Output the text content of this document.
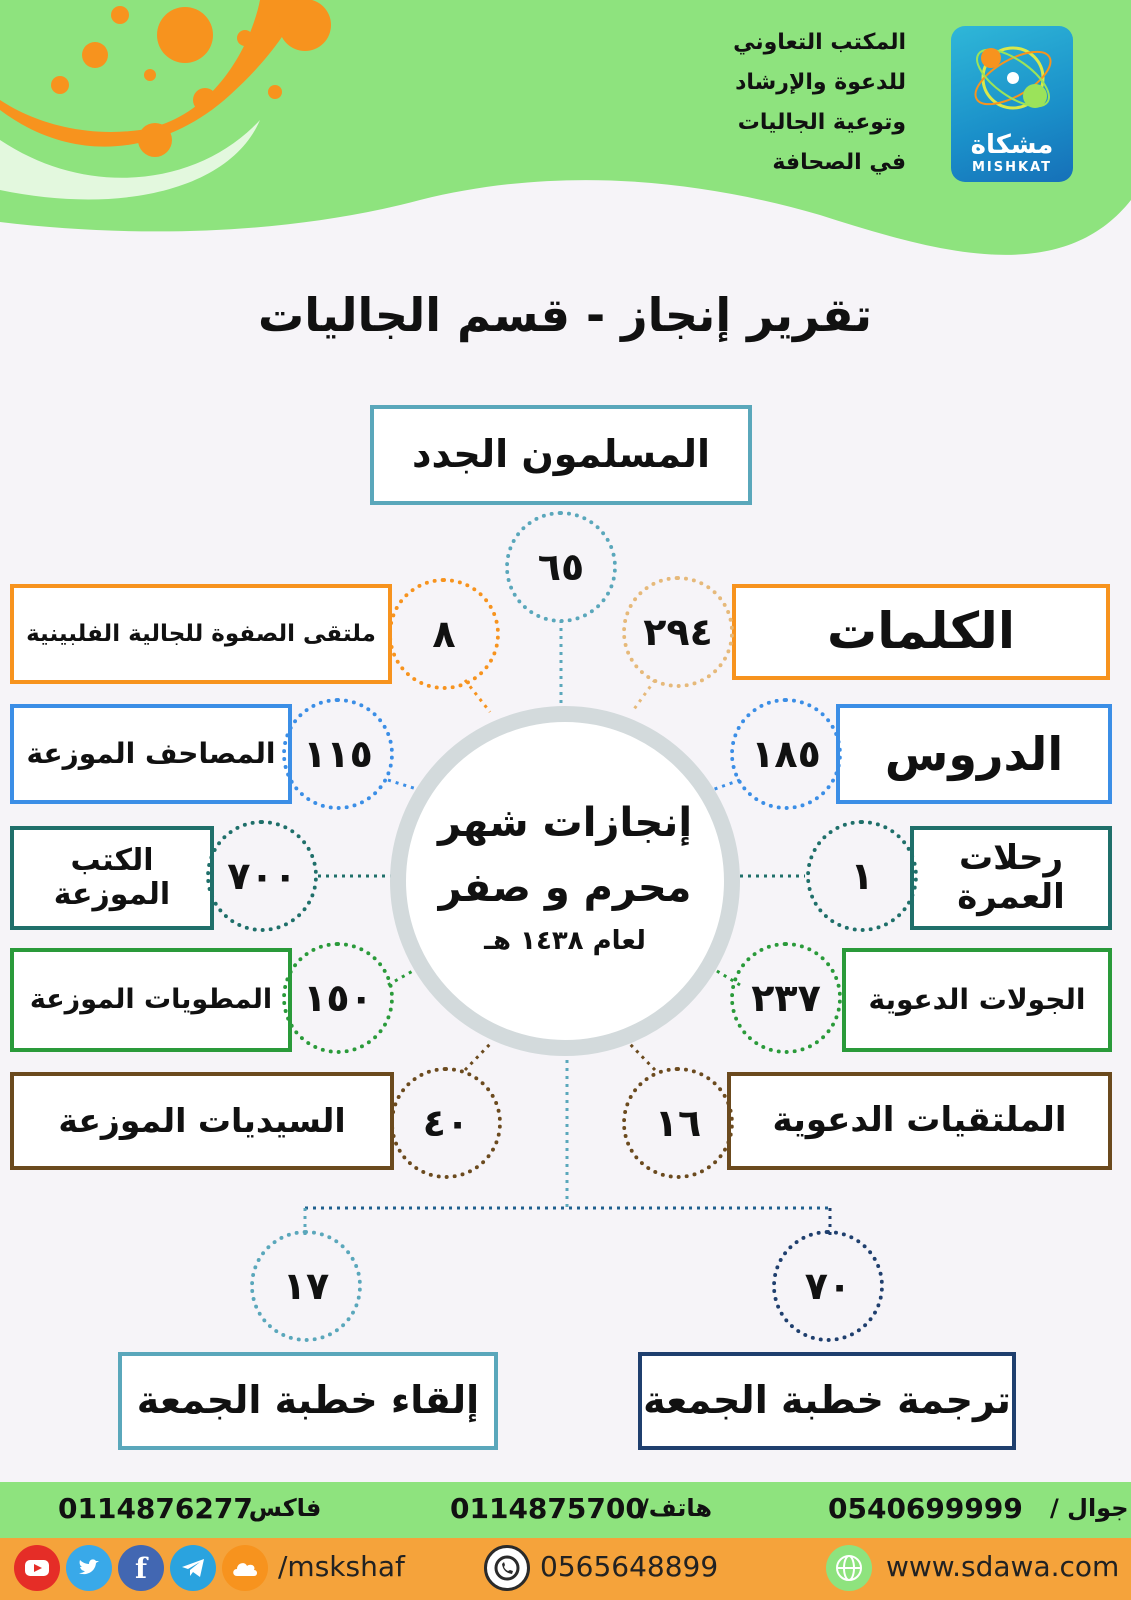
المكتب التعاوني
للدعوة والإرشاد
وتوعية الجاليات
في الصحافة
مشكاة
MISHKAT
تقرير إنجاز - قسم الجاليات
إنجازات شهر
محرم و صفر
لعام ١٤٣٨ هـ
المسلمون الجدد
٦٥
الكلمات
٢٩٤
الدروس
١٨٥
رحلات
العمرة
١
الجولات الدعوية
٢٣٧
الملتقيات الدعوية
١٦
ملتقى الصفوة للجالية الفلبينية	٨
المصاحف الموزعة ١١٥
الكتب
الموزعة	٧٠٠
المطويات الموزعة ١٥٠
السيديات الموزعة	٤٠
١٧
إلقاء خطبة الجمعة
٧٠
ترجمة خطبة الجمعة
جوال /
0540699999
هاتف/
0114875700
فاكس/
0114876277
f	/mskshaf	0565648899	www.sdawa.com
